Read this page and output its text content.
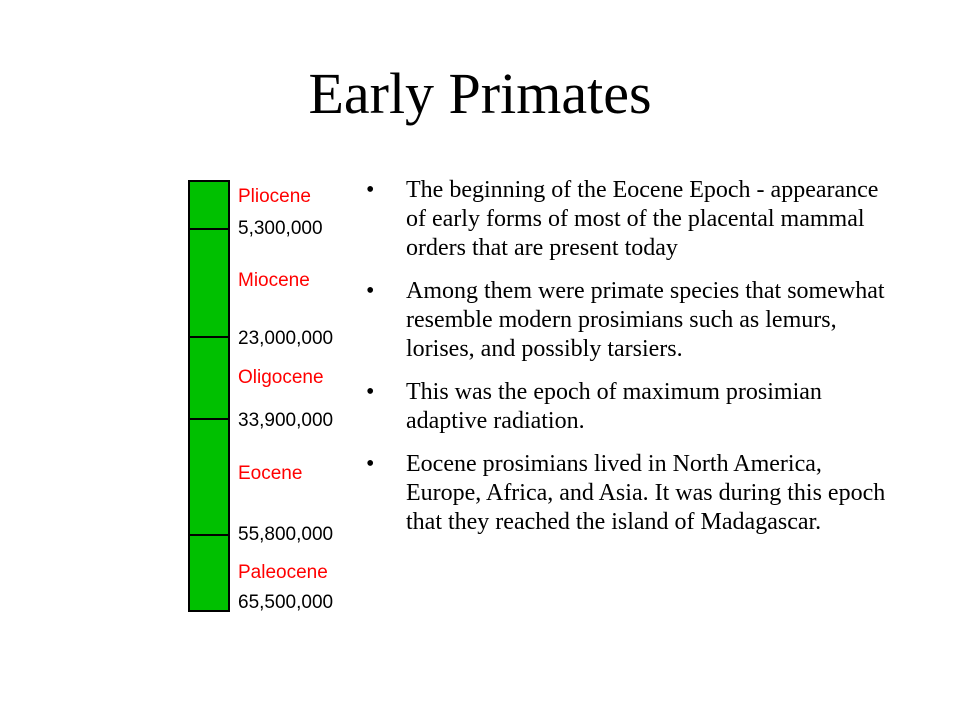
Early Primates
Pliocene
Miocene
Oligocene
Eocene
Paleocene
5,300,000
23,000,000
33,900,000
55,800,000
65,500,000
• The beginning of the Eocene Epoch - appearance of early forms of most of the placental mammal orders that are present today
• Among them were primate species that somewhat resemble modern prosimians such as lemurs, lorises, and possibly tarsiers.
• This was the epoch of maximum prosimian adaptive radiation.
• Eocene prosimians lived in North America, Europe, Africa, and Asia. It was during this epoch that they reached the island of Madagascar.
